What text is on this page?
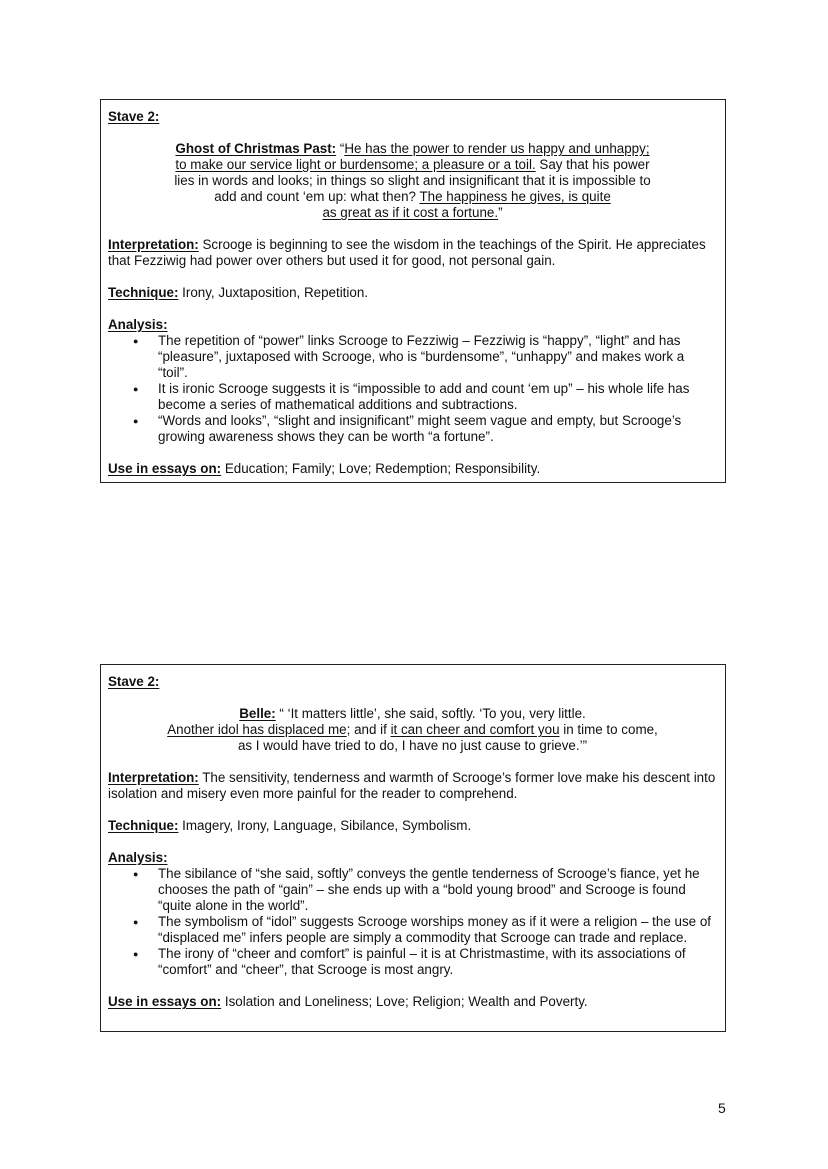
Stave 2:
Ghost of Christmas Past: “He has the power to render us happy and unhappy;
to make our service light or burdensome; a pleasure or a toil. Say that his power
lies in words and looks; in things so slight and insignificant that it is impossible to
add and count ‘em up: what then? The happiness he gives, is quite
as great as if it cost a fortune.”
Interpretation: Scrooge is beginning to see the wisdom in the teachings of the Spirit. He appreciates that Fezziwig had power over others but used it for good, not personal gain.
Technique: Irony, Juxtaposition, Repetition.
Analysis:
● The repetition of “power” links Scrooge to Fezziwig – Fezziwig is “happy”, “light” and has “pleasure”, juxtaposed with Scrooge, who is “burdensome”, “unhappy” and makes work a “toil”.
● It is ironic Scrooge suggests it is “impossible to add and count ‘em up” – his whole life has become a series of mathematical additions and subtractions.
● “Words and looks”, “slight and insignificant” might seem vague and empty, but Scrooge’s growing awareness shows they can be worth “a fortune”.
Use in essays on: Education; Family; Love; Redemption; Responsibility.
Stave 2:
Belle: “ ‘It matters little’, she said, softly. ‘To you, very little.
Another idol has displaced me; and if it can cheer and comfort you in time to come,
as I would have tried to do, I have no just cause to grieve.’”
Interpretation: The sensitivity, tenderness and warmth of Scrooge’s former love make his descent into isolation and misery even more painful for the reader to comprehend.
Technique: Imagery, Irony, Language, Sibilance, Symbolism.
Analysis:
● The sibilance of “she said, softly” conveys the gentle tenderness of Scrooge’s fiance, yet he chooses the path of “gain” – she ends up with a “bold young brood” and Scrooge is found “quite alone in the world”.
● The symbolism of “idol” suggests Scrooge worships money as if it were a religion – the use of “displaced me” infers people are simply a commodity that Scrooge can trade and replace.
● The irony of “cheer and comfort” is painful – it is at Christmastime, with its associations of “comfort” and “cheer”, that Scrooge is most angry.
Use in essays on: Isolation and Loneliness; Love; Religion; Wealth and Poverty.
5
